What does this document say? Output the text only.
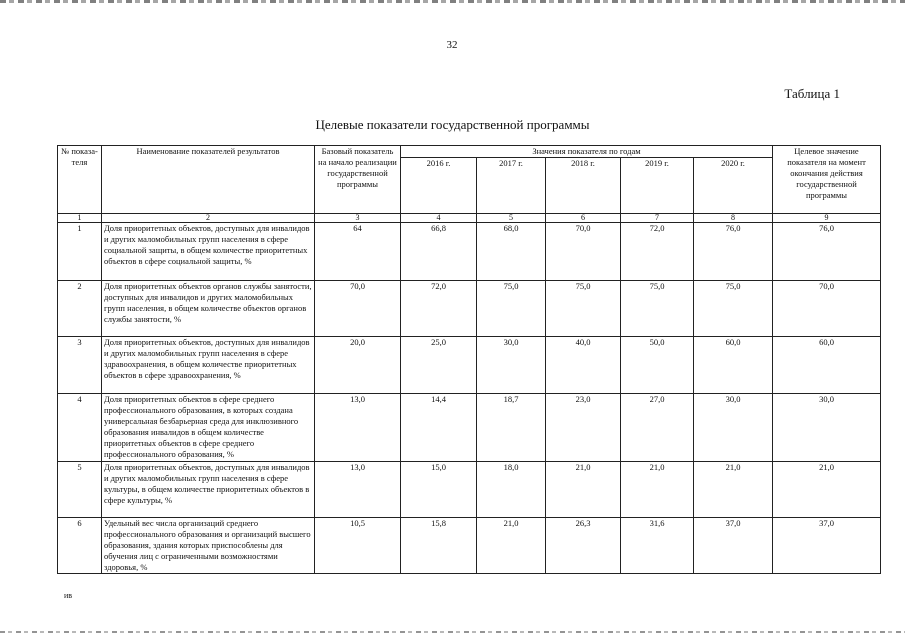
32
Таблица 1
Целевые показатели государственной программы
№ показа-теля	Наименование показателей результатов	Базовый показатель на начало реализации государственной программы	Значения показателя по годам					Целевое значение показателя на момент окончания действия государственной программы
			2016 г.	2017 г.	2018 г.	2019 г.	2020 г.	
1	2	3	4	5	6	7	8	9
1	Доля приоритетных объектов, доступных для инвалидов и других маломобильных групп населения в сфере социальной защиты, в общем количестве приоритетных объектов в сфере социальной защиты, %	64	66,8	68,0	70,0	72,0	76,0	76,0
2	Доля приоритетных объектов органов службы занятости, доступных для инвалидов и других маломобильных групп населения, в общем количестве объектов органов службы занятости, %	70,0	72,0	75,0	75,0	75,0	75,0	70,0
3	Доля приоритетных объектов, доступных для инвалидов и других маломобильных групп населения в сфере здравоохранения, в общем количестве приоритетных объектов в сфере здравоохранения, %	20,0	25,0	30,0	40,0	50,0	60,0	60,0
4	Доля приоритетных объектов в сфере среднего профессионального образования, в которых создана универсальная безбарьерная среда для инклюзивного образования инвалидов в общем количестве приоритетных объектов в сфере среднего профессионального образования, %	13,0	14,4	18,7	23,0	27,0	30,0	30,0
5	Доля приоритетных объектов, доступных для инвалидов и других маломобильных групп населения в сфере культуры, в общем количестве приоритетных объектов в сфере культуры, %	13,0	15,0	18,0	21,0	21,0	21,0	21,0
6	Удельный вес числа организаций среднего профессионального образования и организаций высшего образования, здания которых приспособлены для обучения лиц с ограниченными возможностями здоровья, %	10,5	15,8	21,0	26,3	31,6	37,0	37,0
ив
